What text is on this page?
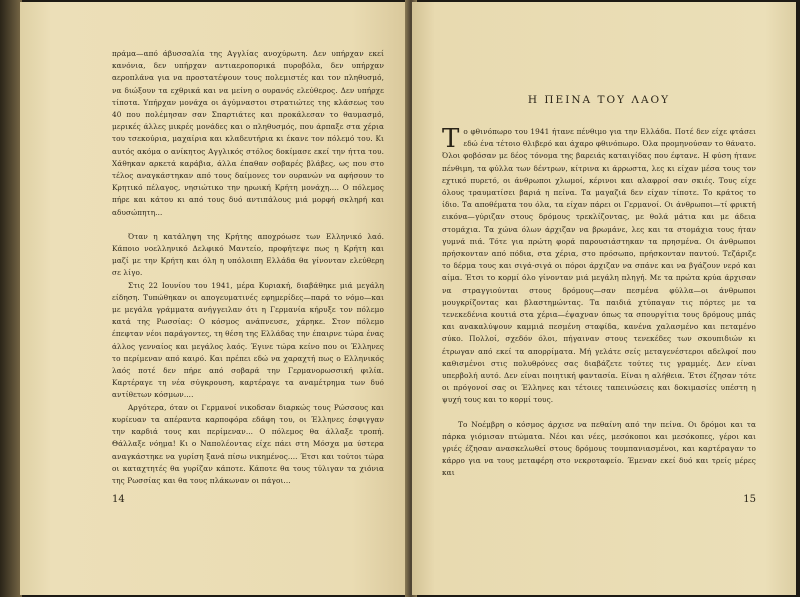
πράμα—από άβυσσαλία της Αγγλίας ανοχύρωτη. Δεν υπήρχαν εκεί κανόνια, δεν υπήρχαν αντιαεροπορικά πυροβόλα, δεν υπήρχαν αεροπλάνα για να προστατέψουν τους πολεμιστές και τον πληθυσμό, να διώξουν τα εχθρικά και να μείνη ο ουρανός ελεύθερος. Δεν υπήρχε τίποτα. Υπήρχαν μονάχα οι άγύμναστοι στρατιώτες της κλάσεως του 40 που πολέμησαν σαν Σπαρτιάτες και προκάλεσαν το θαυμασμό, μερικές άλλες μικρές μονάδες και ο πληθυσμός, που άρπαξε στα χέρια του τσεκούρια, μαχαίρια και κλαδευτήρια κι έκανε τον πόλεμό του. Κι αυτός ακόμα ο ανίκητος Αγγλικός στόλος δοκίμασε εκεί την ήττα του. Χάθηκαν αρκετά καράβια, άλλα έπαθαν σοβαρές βλάβες, ως που στο τέλος αναγκάστηκαν από τους δαίμονες τον ουρανών να αφήσουν το Κρητικό πέλαγος, νησιώτικο την ηρωική Κρήτη μονάχη.... Ο πόλεμος πήρε και κάτου κι από τους δυό αντιπάλους μιά μορφή σκληρή και αδυσώπητη...

Όταν η κατάληψη της Κρήτης αποχρόωσε των Ελληνικό λαό. Κάποιο νοελληνικό Δελφικό Μαντείο, προφήτεψε πως η Κρήτη και μαζί με την Κρήτη και όλη η υπόλοιπη Ελλάδα θα γίνονταν ελεύθερη σε λίγο.

Στις 22 Ιουνίου του 1941, μέρα Κυριακή, διαβάθηκε μιά μεγάλη είδηση. Τυπώθηκαν οι απογευματινές εφημερίδες—παρά το νόμο—και με μεγάλα γράμματα ανήγγειλαν ότι η Γερμανία κήρυξε τον πόλεμο κατά της Ρωσσίας: Ο κόσμος ανάπνευσε, χάρηκε. Στον πόλεμο έπεφταν νέοι παράγοντες, τη θέση της Ελλάδας την έπαιρνε τώρα ένας άλλος γενναίος και μεγάλος λαός. Έγινε τώρα κείνο που οι Έλληνες το περίμεναν από καιρό. Και πρέπει εδώ να χαραχτή πως ο Ελληνικός λαός ποτέ δεν πήρε από σοβαρά την Γερμανορωσσική φιλία. Καρτέραγε τη νέα σύγκρουση, καρτέραγε τα αναμέτρημα των δυό αντίθετων κόσμων....

Αργότερα, όταν οι Γερμανοί νικοδσαν διαρκώς τους Ρώσσους και κυρίευαν τα απέραντα καρποφόρα εδάφη του, οι Έλληνες έσφιγγαν την καρδιά τους και περίμεναν... Ο πόλεμος θα άλλαξε τροπή. Θάλλαξε νόημα! Κι ο Ναπολέοντας είχε πάει στη Μόσχα μα ύστερα αναγκάστηκε να γυρίση ξανά πίσω νικημένος.... Έτσι και τούτοι τώρα οι καταχτητές θα γυρίζαν κάποτε. Κάποτε θα τους τύλιγαν τα χιόνια της Ρωσσίας και θα τους πλάκωναν οι πάγοι...

14
Η ΠΕΙΝΑ ΤΟΥ ΛΑΟΥ
Τ ο φθινόπωρο του 1941 ήτανε πένθιμο για την Ελλάδα. Ποτέ δεν είχε φτάσει εδώ ένα τέτοιο θλιβερό και άχαρο φθινόπωρο. Όλα προμηνούσαν το θάνατο. Όλοι φοβόσαν με δέος τόνομα της βαρειάς καταιγίδας που έφτανε. Η φύση ήτανε πένθιμη, τα φύλλα των δέντρων, κίτρινα κι άρρωστα, λες κι είχαν μέσα τους τον εχτικό πυρετό, οι άνθρωποι χλωμοί, κέρινοι και αλαφροί σαν σκιές. Τους είχε όλους τραυματίσει βαριά η πείνα. Τα μαγαζιά δεν είχαν τίποτε. Το κράτος το ίδιο. Τα αποθέματα του όλα, τα είχαν πάρει οι Γερμανοί. Οι άνθρωποι—τί φρικτή εικόνα—γύριζαν στους δρόμους τρεκλίζοντας, με θολά μάτια και με άδεια στομάχια. Τα χώνα όλων άρχιζαν να βρωμάνε, λες και τα στομάχια τους ήταν γυμνά πιά. Τότε για πρώτη φορά παρουσιάστηκαν τα πρησμένα. Οι άνθρωποι πρήσκονταν από πόδια, στα χέρια, στο πρόσωπο, πρήσκονταν παντού. Τεζάριζε το δέρμα τους και σιγά-σιγά οι πόροι άρχιζαν να σπάνε και να βγάζουν νερό και αίμα. Έτσι το κορμί όλο γίνονταν μιά μεγάλη πληγή. Με τα πρώτα κρύα άρχισαν να στραγγιούνται στους δρόμους—σαν πεσμένα φύλλα—οι άνθρωποι μουγκρίζοντας και βλαστημώντας. Τα παιδιά χτύπαγαν τις πόρτες με τα τενεκεδένια κουτιά στα χέρια—έψαχναν όπως τα σπουργίτια τους δρόμους μπάς και ανακαλύψουν καμμιά πεσμένη σταφίδα, κανένα χαλασμένο και πεταμένο σύκο. Πολλοί, σχεδόν όλοι, πήγαιναν στους τενεκέδες των σκουπιδιών κι έτρωγαν από εκεί τα απορρίματα. Μή γελάτε σείς μεταγενέστεροι αδελφοί που καθισμένοι στις πολυθρόνες σας διαβάζετε τούτες τις γραμμές. Δεν είναι υπερβολή αυτό. Δεν είναι ποιητική φαντασία. Είναι η αλήθεια. Έτσι έζησαν τότε οι πρόγονοί σας οι Έλληνες και τέτοιες ταπεινώσεις και δοκιμασίες υπέστη η ψυχή τους και το κορμί τους.

Το Νοέμβρη ο κόσμος άρχισε να πεθαίνη από την πείνα. Οι δρόμοι και τα πάρκα γιόμισαν πτώματα. Νέοι και νέες, μεσόκοποι και μεσόκοπες, γέροι και γριές έζησαν ανασκελωθεί στους δρόμους τουμπανιασμένοι, και καρτέραγαν το κάρρο για να τους μεταφέρη στο νεκροταφείο. Έμεναν εκεί δυό και τρείς μέρες και

15
